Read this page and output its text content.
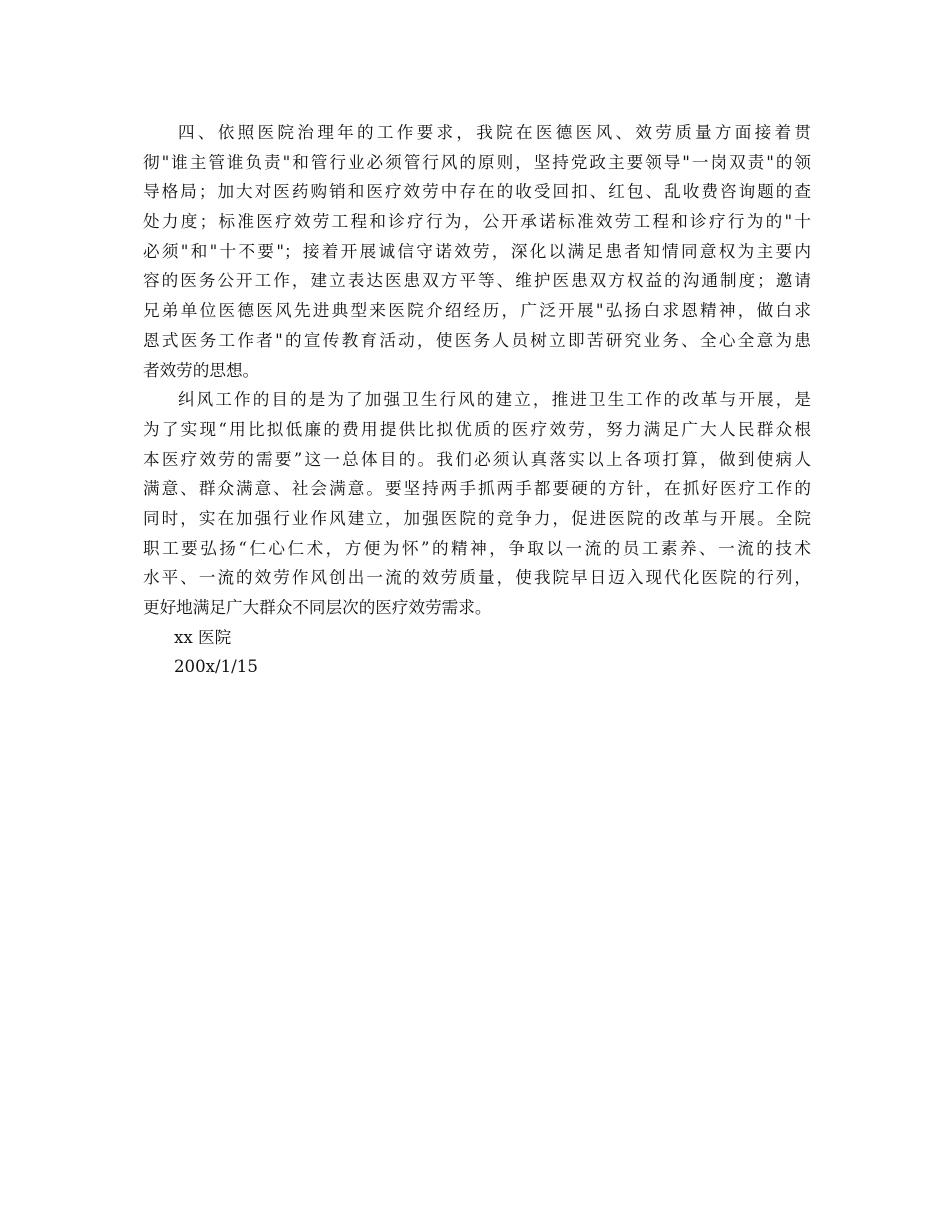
四、依照医院治理年的工作要求，我院在医德医风、效劳质量方面接着贯
彻"谁主管谁负责"和管行业必须管行风的原则，坚持党政主要领导"一岗双责"的领
导格局；加大对医药购销和医疗效劳中存在的收受回扣、红包、乱收费咨询题的查
处力度；标准医疗效劳工程和诊疗行为，公开承诺标准效劳工程和诊疗行为的"十
必须"和"十不要"；接着开展诚信守诺效劳，深化以满足患者知情同意权为主要内
容的医务公开工作，建立表达医患双方平等、维护医患双方权益的沟通制度；邀请
兄弟单位医德医风先进典型来医院介绍经历，广泛开展"弘扬白求恩精神，做白求
恩式医务工作者"的宣传教育活动，使医务人员树立即苦研究业务、全心全意为患
者效劳的思想。
纠风工作的目的是为了加强卫生行风的建立，推进卫生工作的改革与开展，是
为了实现“用比拟低廉的费用提供比拟优质的医疗效劳，努力满足广大人民群众根
本医疗效劳的需要”这一总体目的。我们必须认真落实以上各项打算，做到使病人
满意、群众满意、社会满意。要坚持两手抓两手都要硬的方针，在抓好医疗工作的
同时，实在加强行业作风建立，加强医院的竞争力，促进医院的改革与开展。全院
职工要弘扬“仁心仁术，方便为怀”的精神，争取以一流的员工素养、一流的技术
水平、一流的效劳作风创出一流的效劳质量，使我院早日迈入现代化医院的行列，
更好地满足广大群众不同层次的医疗效劳需求。
xx 医院
200x/1/15
